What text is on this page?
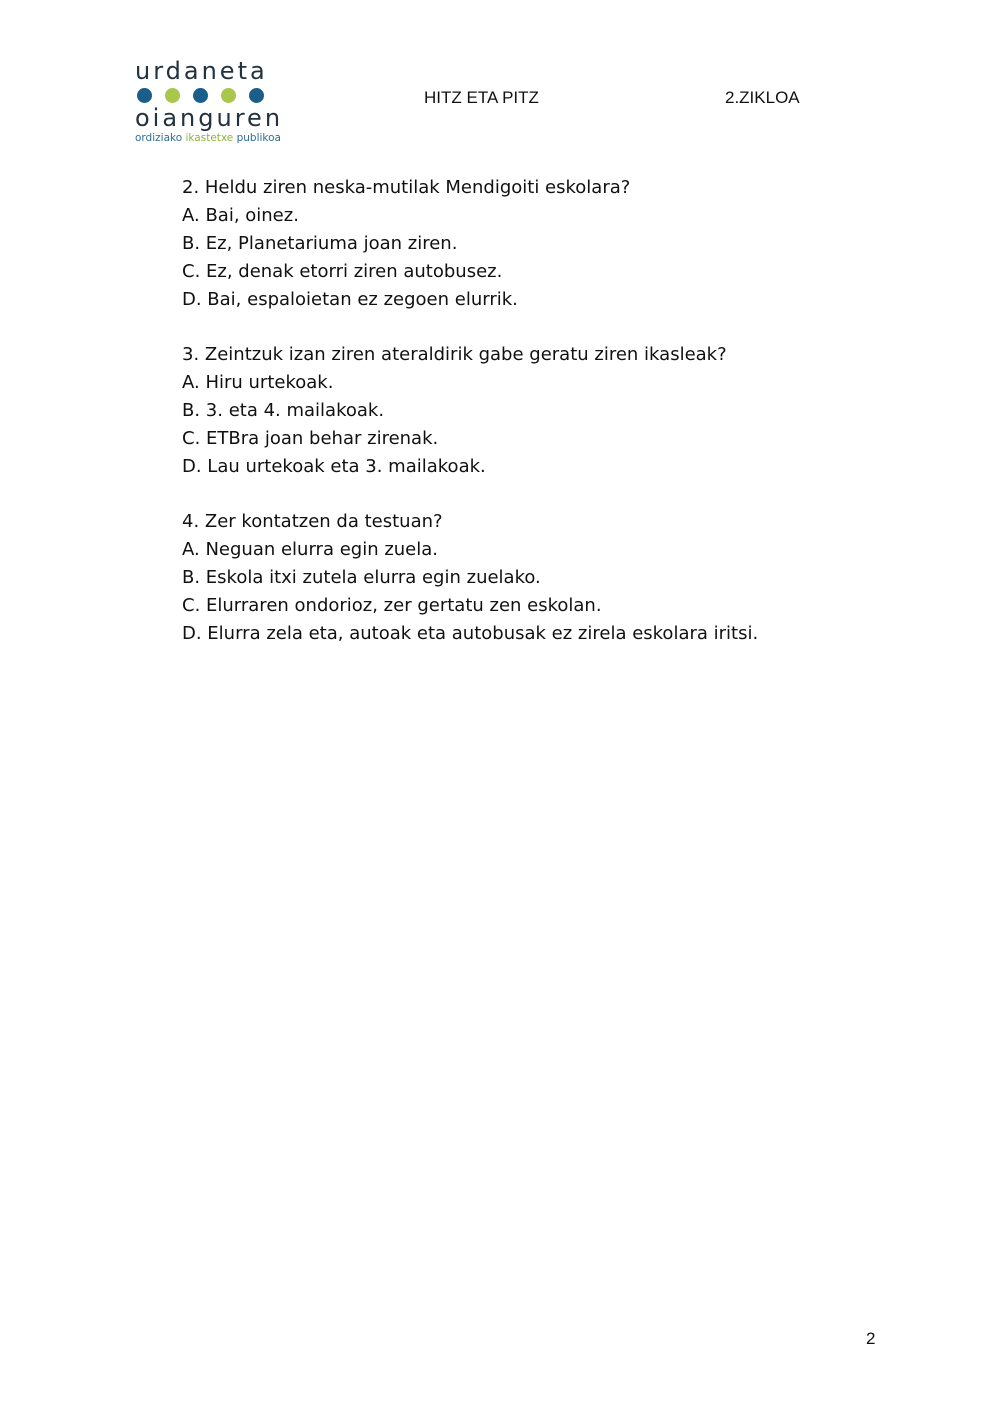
urdaneta
oianguren
ordiziako ikastetxe publikoa
HITZ ETA PITZ	2.ZIKLOA
2. Heldu ziren neska-mutilak Mendigoiti eskolara?
A. Bai, oinez.
B. Ez, Planetariuma joan ziren.
C. Ez, denak etorri ziren autobusez.
D. Bai, espaloietan ez zegoen elurrik.
3. Zeintzuk izan ziren ateraldirik gabe geratu ziren ikasleak?
A. Hiru urtekoak.
B. 3. eta 4. mailakoak.
C. ETBra joan behar zirenak.
D. Lau urtekoak eta 3. mailakoak.
4. Zer kontatzen da testuan?
A. Neguan elurra egin zuela.
B. Eskola itxi zutela elurra egin zuelako.
C. Elurraren ondorioz, zer gertatu zen eskolan.
D. Elurra zela eta, autoak eta autobusak ez zirela eskolara iritsi.
2
